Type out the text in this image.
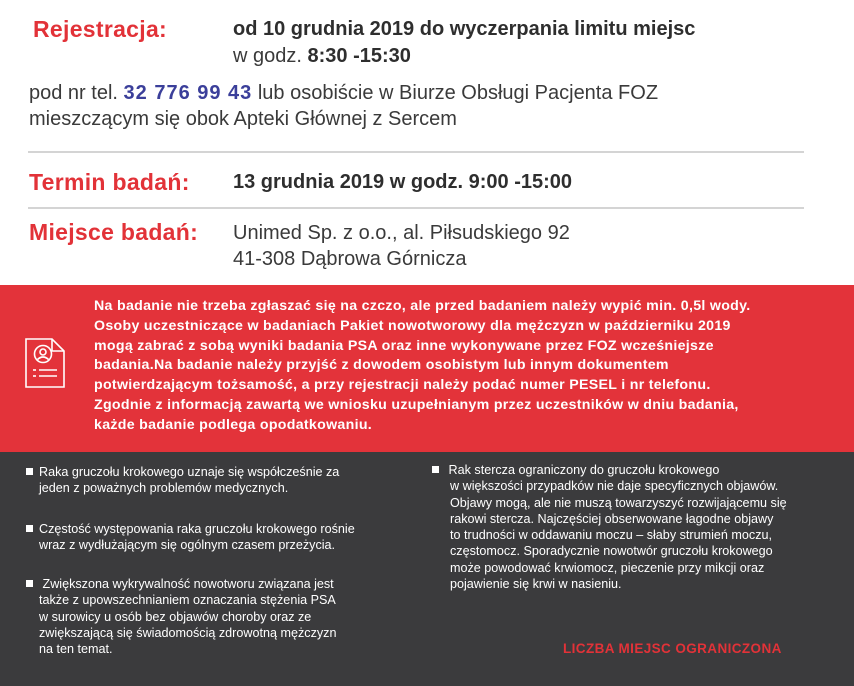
Rejestracja:	od 10 grudnia 2019 do wyczerpania limitu miejsc
w godz. 8:30 -15:30
pod nr tel. 32 776 99 43 lub osobiście w Biurze Obsługi Pacjenta FOZ
mieszczącym się obok Apteki Głównej z Sercem
Termin badań: 13 grudnia 2019 w godz. 9:00 -15:00
Miejsce badań: Unimed Sp. z o.o., al. Piłsudskiego 92
41-308 Dąbrowa Górnicza
Na badanie nie trzeba zgłaszać się na czczo, ale przed badaniem należy wypić min. 0,5l wody.
Osoby uczestniczące w badaniach Pakiet nowotworowy dla mężczyzn w październiku 2019
mogą zabrać z sobą wyniki badania PSA oraz inne wykonywane przez FOZ wcześniejsze
badania.Na badanie należy przyjść z dowodem osobistym lub innym dokumentem
potwierdzającym tożsamość, a przy rejestracji należy podać numer PESEL i nr telefonu.
Zgodnie z informacją zawartą we wniosku uzupełnianym przez uczestników w dniu badania,
każde badanie podlega opodatkowaniu.
Raka gruczołu krokowego uznaje się współcześnie za
jeden z poważnych problemów medycznych.
Częstość występowania raka gruczołu krokowego rośnie
wraz z wydłużającym się ogólnym czasem przeżycia.
Zwiększona wykrywalność nowotworu związana jest
także z upowszechnianiem oznaczania stężenia PSA
w surowicy u osób bez objawów choroby oraz ze
zwiększającą się świadomością zdrowotną mężczyzn
na ten temat.
Rak stercza ograniczony do gruczołu krokowego
w większości przypadków nie daje specyficznych objawów.
Objawy mogą, ale nie muszą towarzyszyć rozwijającemu się
rakowi stercza. Najczęściej obserwowane łagodne objawy
to trudności w oddawaniu moczu – słaby strumień moczu,
częstomocz. Sporadycznie nowotwór gruczołu krokowego
może powodować krwiomocz, pieczenie przy mikcji oraz
pojawienie się krwi w nasieniu.
LICZBA MIEJSC OGRANICZONA
